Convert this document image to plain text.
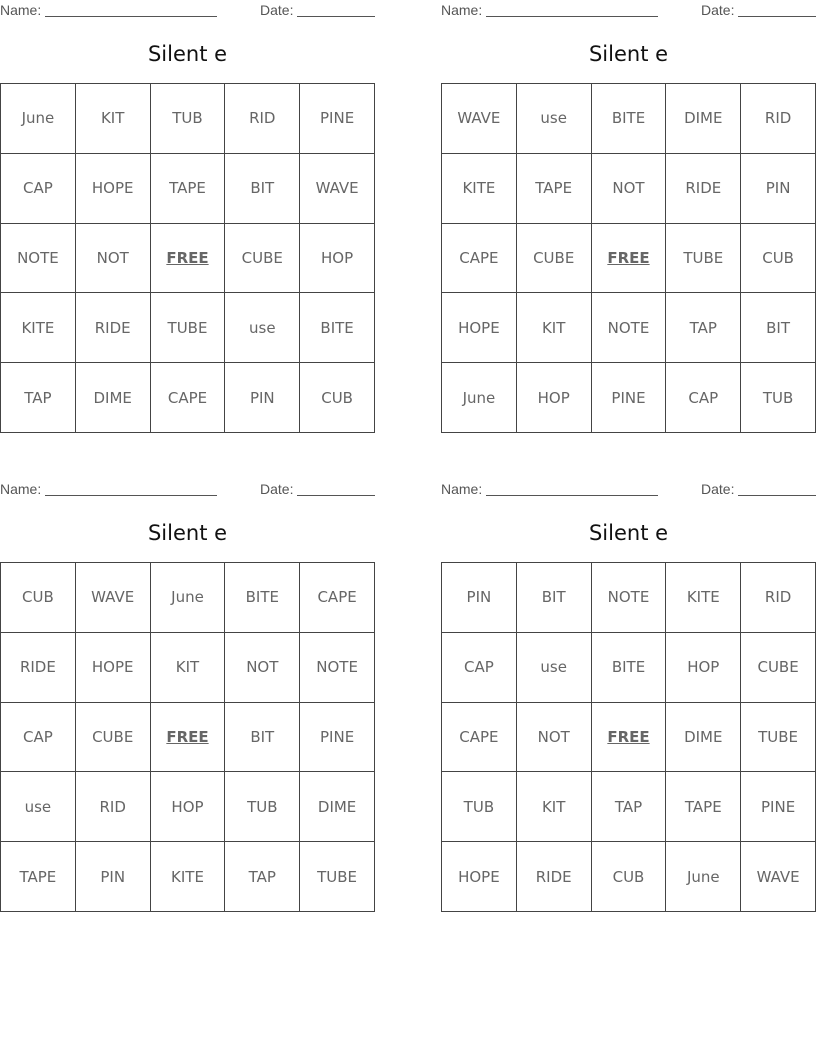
Name:	Date:
Silent e
June	KIT	TUB	RID	PINE
CAP	HOPE	TAPE	BIT	WAVE
NOTE	NOT	FREE	CUBE	HOP
KITE	RIDE	TUBE	use	BITE
TAP	DIME	CAPE	PIN	CUB
Name:	Date:
Silent e
WAVE	use	BITE	DIME	RID
KITE	TAPE	NOT	RIDE	PIN
CAPE	CUBE	FREE	TUBE	CUB
HOPE	KIT	NOTE	TAP	BIT
June	HOP	PINE	CAP	TUB
Name:	Date:
Silent e
CUB	WAVE	June	BITE	CAPE
RIDE	HOPE	KIT	NOT	NOTE
CAP	CUBE	FREE	BIT	PINE
use	RID	HOP	TUB	DIME
TAPE	PIN	KITE	TAP	TUBE
Name:	Date:
Silent e
PIN	BIT	NOTE	KITE	RID
CAP	use	BITE	HOP	CUBE
CAPE	NOT	FREE	DIME	TUBE
TUB	KIT	TAP	TAPE	PINE
HOPE	RIDE	CUB	June	WAVE
